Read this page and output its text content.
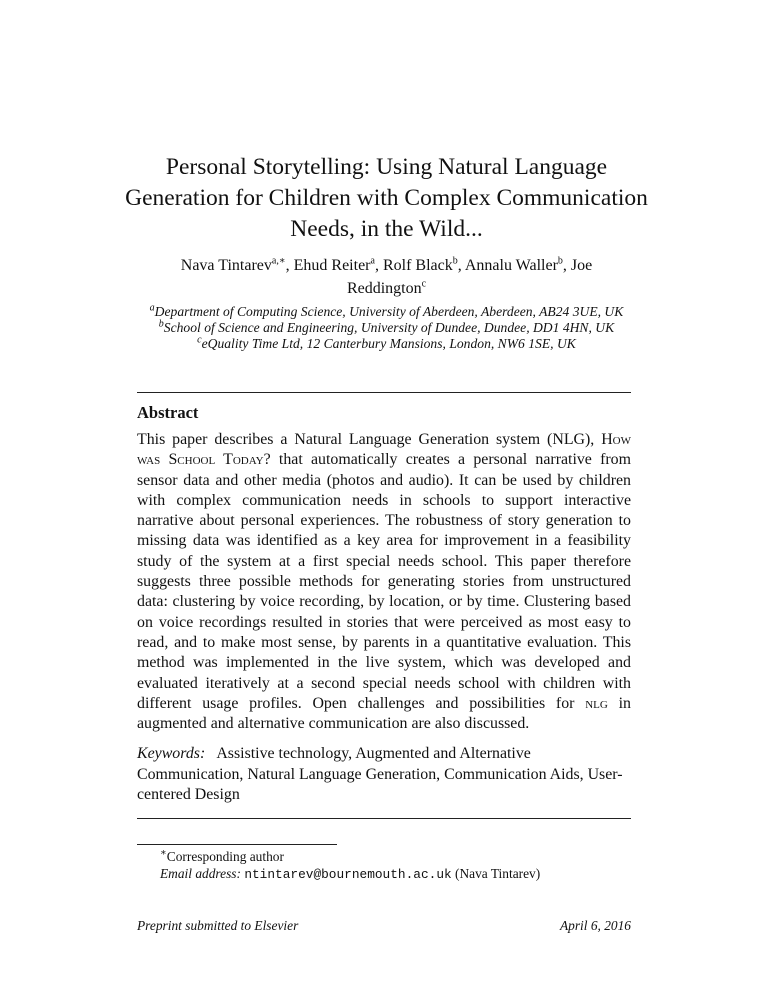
Personal Storytelling: Using Natural Language Generation for Children with Complex Communication Needs, in the Wild...
Nava Tintarev$^{a,∗}$, Ehud Reiter$^a$, Rolf Black$^b$, Annalu Waller$^b$, Joe Reddington$^c$
$^a$Department of Computing Science, University of Aberdeen, Aberdeen, AB24 3UE, UK
$^b$School of Science and Engineering, University of Dundee, Dundee, DD1 4HN, UK
$^c$eQuality Time Ltd, 12 Canterbury Mansions, London, NW6 1SE, UK
Abstract
This paper describes a Natural Language Generation system (NLG), How was School Today? that automatically creates a personal narrative from sensor data and other media (photos and audio). It can be used by children with complex communication needs in schools to support interactive narrative about personal experiences. The robustness of story generation to missing data was identified as a key area for improvement in a feasibility study of the system at a first special needs school. This paper therefore suggests three possible methods for generating stories from unstructured data: clustering by voice recording, by location, or by time. Clustering based on voice recordings resulted in stories that were perceived as most easy to read, and to make most sense, by parents in a quantitative evaluation. This method was implemented in the live system, which was developed and evaluated iteratively at a second special needs school with children with different usage profiles. Open challenges and possibilities for nlg in augmented and alternative communication are also discussed.
Keywords: Assistive technology, Augmented and Alternative Communication, Natural Language Generation, Communication Aids, User-centered Design
∗Corresponding author
Email address: ntintarev@bournemouth.ac.uk (Nava Tintarev)
Preprint submitted to Elsevier	April 6, 2016
